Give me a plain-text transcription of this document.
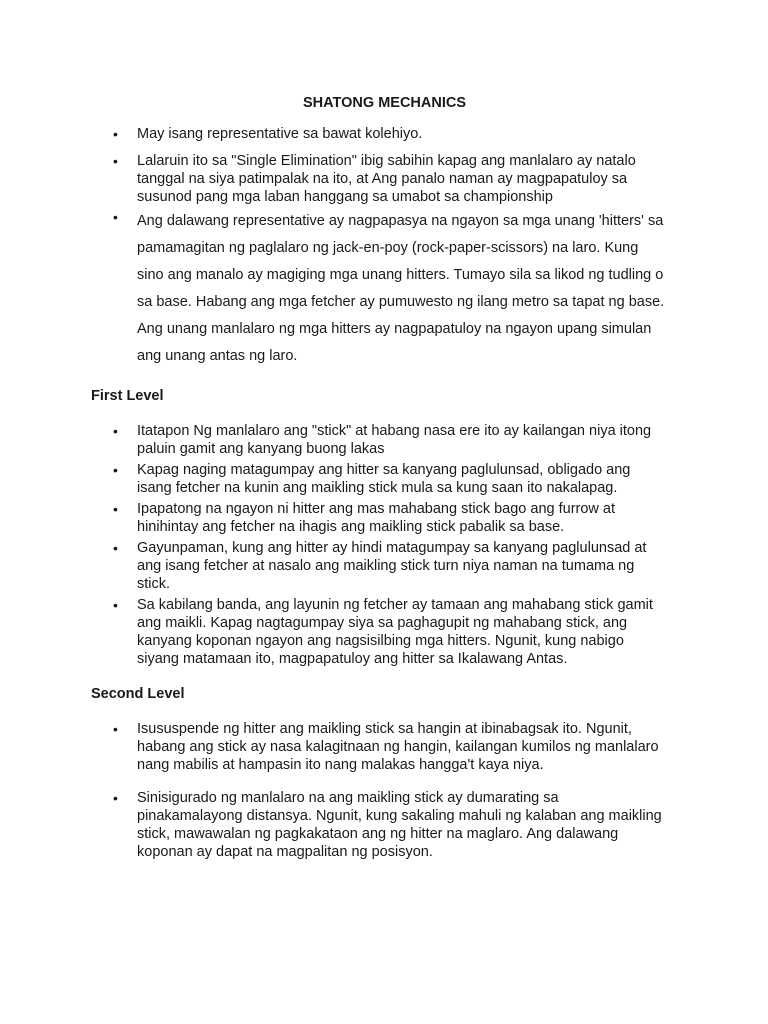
SHATONG MECHANICS
• May isang representative sa bawat kolehiyo.
• Lalaruin ito sa "Single Elimination" ibig sabihin kapag ang manlalaro ay natalo tanggal na siya patimpalak na ito, at Ang panalo naman ay magpapatuloy sa susunod pang mga laban hanggang sa umabot sa championship
• Ang dalawang representative ay nagpapasya na ngayon sa mga unang 'hitters' sa pamamagitan ng paglalaro ng jack-en-poy (rock-paper-scissors) na laro. Kung sino ang manalo ay magiging mga unang hitters. Tumayo sila sa likod ng tudling o sa base. Habang ang mga fetcher ay pumuwesto ng ilang metro sa tapat ng base. Ang unang manlalaro ng mga hitters ay nagpapatuloy na ngayon upang simulan ang unang antas ng laro.
First Level
• Itatapon Ng manlalaro ang "stick" at habang nasa ere ito ay kailangan niya itong paluin gamit ang kanyang buong lakas
• Kapag naging matagumpay ang hitter sa kanyang paglulunsad, obligado ang isang fetcher na kunin ang maikling stick mula sa kung saan ito nakalapag.
• Ipapatong na ngayon ni hitter ang mas mahabang stick bago ang furrow at hinihintay ang fetcher na ihagis ang maikling stick pabalik sa base.
• Gayunpaman, kung ang hitter ay hindi matagumpay sa kanyang paglulunsad at ang isang fetcher at nasalo ang maikling stick turn niya naman na tumama ng stick.
• Sa kabilang banda, ang layunin ng fetcher ay tamaan ang mahabang stick gamit ang maikli. Kapag nagtagumpay siya sa paghagupit ng mahabang stick, ang kanyang koponan ngayon ang nagsisilbing mga hitters. Ngunit, kung nabigo siyang matamaan ito, magpapatuloy ang hitter sa Ikalawang Antas.
Second Level
• Isususpende ng hitter ang maikling stick sa hangin at ibinabagsak ito. Ngunit, habang ang stick ay nasa kalagitnaan ng hangin, kailangan kumilos ng manlalaro nang mabilis at hampasin ito nang malakas hangga't kaya niya.
• Sinisigurado ng manlalaro na ang maikling stick ay dumarating sa pinakamalayong distansya. Ngunit, kung sakaling mahuli ng kalaban ang maikling stick, mawawalan ng pagkakataon ang ng hitter na maglaro. Ang dalawang koponan ay dapat na magpalitan ng posisyon.
